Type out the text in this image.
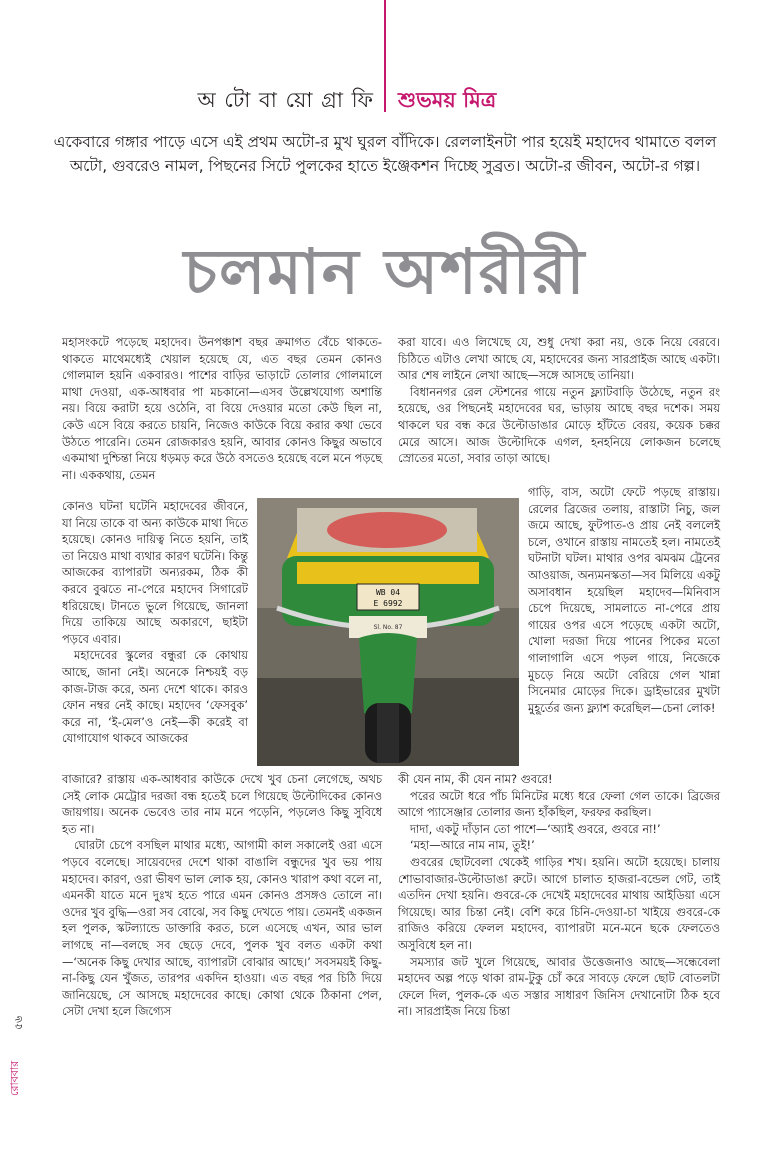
অ টো বা য়ো গ্রা ফি শুভময় মিত্র
একেবারে গঙ্গার পাড়ে এসে এই প্রথম অটো-র মুখ ঘুরল বাঁদিকে। রেললাইনটা পার হয়েই মহাদেব থামাতে বলল অটো, গুবরেও নামল, পিছনের সিটে পুলকের হাতে ইঞ্জেকশন দিচ্ছে সুব্রত। অটো-র জীবন, অটো-র গল্প।
চলমান অশরীরী

মহাসংকটে পড়েছে মহাদেব। উনপঞ্চাশ বছর ক্রমাগত বেঁচে থাকতে-থাকতে মাথেমধ্যেই খেয়াল হয়েছে যে, এত বছর তেমন কোনও গোলমাল হয়নি একবারও। পাশের বাড়ির ভাড়াটে তোলার গোলমালে মাথা দেওয়া, এক-আধবার পা মচকানো—এসব উল্লেখযোগ্য অশান্তি নয়। বিয়ে করাটা হয়ে ওঠেনি, বা বিয়ে দেওয়ার মতো কেউ ছিল না, কেউ এসে বিয়ে করতে চায়নি, নিজেও কাউকে বিয়ে করার কথা ভেবে উঠতে পারেনি। তেমন রোজকারও হয়নি, আবার কোনও কিছুর অভাবে একমাথা দুশ্চিন্তা নিয়ে ধড়মড় করে উঠে বসতেও হয়েছে বলে মনে পড়ছে না। এককথায়, তেমন

কোনও ঘটনা ঘটেনি মহাদেবের জীবনে, যা নিয়ে তাকে বা অন্য কাউকে মাথা দিতে হয়েছে। কোনও দায়িত্ব নিতে হয়নি, তাই তা নিয়েও মাথা ব্যথার কারণ ঘটেনি। কিন্তু আজকের ব্যাপারটা অন্যরকম, ঠিক কী করবে বুঝতে না-পেরে মহাদেব সিগারেট ধরিয়েছে। টানতে ভুলে গিয়েছে, জানলা দিয়ে তাকিয়ে আছে অকারণে, ছাইটা পড়বে এবার।

মহাদেবের স্কুলের বন্ধুরা কে কোথায় আছে, জানা নেই। অনেকে নিশ্চয়ই বড় কাজ-টাজ করে, অন্য দেশে থাকে। কারও ফোন নম্বর নেই কাছে। মহাদেব ‘ফেসবুক’ করে না, ‘ই-মেল’ও নেই—কী করেই বা যোগাযোগ থাকবে আজকের

বাজারে? রাস্তায় এক-আধবার কাউকে দেখে খুব চেনা লেগেছে, অথচ সেই লোক মেট্রোর দরজা বন্ধ হতেই চলে গিয়েছে উল্টোদিকের কোনও জায়গায়। অনেক ভেবেও তার নাম মনে পড়েনি, পড়লেও কিছু সুবিধে হত না।

ঘোরটা চেপে বসছিল মাথার মধ্যে, আগামী কাল সকালেই ওরা এসে পড়বে বলেছে। সায়েবদের দেশে থাকা বাঙালি বন্ধুদের খুব ভয় পায় মহাদেব। কারণ, ওরা ভীষণ ভাল লোক হয়, কোনও খারাপ কথা বলে না, এমনকী যাতে মনে দুঃখ হতে পারে এমন কোনও প্রসঙ্গও তোলে না। ওদের খুব বুদ্ধি—ওরা সব বোঝে, সব কিছু দেখতে পায়। তেমনই একজন হল পুলক, স্কটল্যান্ডে ডাক্তারি করত, চলে এসেছে এখন, আর ভাল লাগছে না—বলছে সব ছেড়ে দেবে, পুলক খুব বলত একটা কথা—‘অনেক কিছু দেখার আছে, ব্যাপারটা বোঝার আছে।’ সবসময়ই কিছু-না-কিছু যেন খুঁজত, তারপর একদিন হাওয়া। এত বছর পর চিঠি দিয়ে জানিয়েছে, সে আসছে মহাদেবের কাছে। কোথা থেকে ঠিকানা পেল, সেটা দেখা হলে জিগ্যেস

করা যাবে। এও লিখেছে যে, শুধু দেখা করা নয়, ওকে নিয়ে বেরবে। চিঠিতে এটাও লেখা আছে যে, মহাদেবের জন্য সারপ্রাইজ আছে একটা। আর শেষ লাইনে লেখা আছে—সঙ্গে আসছে তানিয়া।

বিধাননগর রেল স্টেশনের গায়ে নতুন ফ্ল্যাটবাড়ি উঠেছে, নতুন রং হয়েছে, ওর পিছনেই মহাদেবের ঘর, ভাড়ায় আছে বছর দশেক। সময় থাকলে ঘর বন্ধ করে উল্টোডাঙার মোড়ে হাঁটতে বেরয়, কয়েক চক্কর মেরে আসে। আজ উল্টোদিকে এগল, হনহনিয়ে লোকজন চলেছে স্রোতের মতো, সবার তাড়া আছে।

গাড়ি, বাস, অটো ফেটে পড়ছে রাস্তায়। রেলের ব্রিজের তলায়, রাস্তাটা নিচু, জল জমে আছে, ফুটপাত-ও প্রায় নেই বললেই চলে, ওখানে রাস্তায় নামতেই হল। নামতেই ঘটনাটা ঘটল। মাথার ওপর ঝমঝম ট্রেনের আওয়াজ, অন্যমনস্কতা—সব মিলিয়ে একটু অসাবধান হয়েছিল মহাদেব—মিনিবাস চেপে দিয়েছে, সামলাতে না-পেরে প্রায় গায়ের ওপর এসে পড়েছে একটা অটো, খোলা দরজা দিয়ে পানের পিকের মতো গালাগালি এসে পড়ল গায়ে, নিজেকে মুচড়ে নিয়ে অটো বেরিয়ে গেল খান্না সিনেমার মোড়ের দিকে। ড্রাইভারের মুখটা মুহূর্তের জন্য ফ্ল্যাশ করেছিল—চেনা লোক!

কী যেন নাম, কী যেন নাম? গুবরে!

পরের অটো ধরে পাঁচ মিনিটের মধ্যে ধরে ফেলা গেল তাকে। ব্রিজের আগে প্যাসেঞ্জার তোলার জন্য হাঁকছিল, ফরফর করছিল।

দাদা, একটু দাঁড়ান তো পাশে—‘অ্যাই গুবরে, গুবরে না!’

‘মহা—আরে নাম নাম, তুই!’

গুবরের ছোটবেলা থেকেই গাড়ির শখ। হয়নি। অটো হয়েছে। চালায় শোভাবাজার-উল্টোডাঙা রুটে। আগে চালাত হাজরা-বন্ডেল গেট, তাই এতদিন দেখা হয়নি। গুবরে-কে দেখেই মহাদেবের মাথায় আইডিয়া এসে গিয়েছে। আর চিন্তা নেই। বেশি করে চিনি-দেওয়া-চা খাইয়ে গুবরে-কে রাজিও করিয়ে ফেলল মহাদেব, ব্যাপারটা মনে-মনে ছকে ফেলতেও অসুবিধে হল না।

সমস্যার জট খুলে গিয়েছে, আবার উত্তেজনাও আছে—সন্ধেবেলা মহাদেব অল্প পড়ে থাকা রাম-টুকু চোঁ করে সাবড়ে ফেলে ছোট বোতলটা ফেলে দিল, পুলক-কে এত সস্তার সাধারণ জিনিস দেখানোটা ঠিক হবে না। সারপ্রাইজ নিয়ে চিন্তা

WB 04
E 6992
Sl. No. 87
৫৬
রোববার
